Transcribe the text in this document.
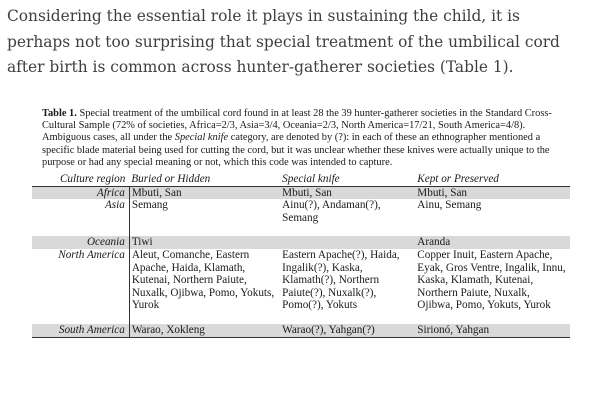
Considering the essential role it plays in sustaining the child, it is perhaps not too surprising that special treatment of the umbilical cord after birth is common across hunter-gatherer societies (Table 1).

Table 1. Special treatment of the umbilical cord found in at least 28 the 39 hunter-gatherer societies in the Standard Cross-Cultural Sample (72% of societies, Africa=2/3, Asia=3/4, Oceania=2/3, North America=17/21, South America=4/8). Ambiguous cases, all under the Special knife category, are denoted by (?): in each of these an ethnographer mentioned a specific blade material being used for cutting the cord, but it was unclear whether these knives were actually unique to the purpose or had any special meaning or not, which this code was intended to capture.

Culture region	Buried or Hidden	Special knife	Kept or Preserved
Africa	Mbuti, San	Mbuti, San	Mbuti, San
Asia	Semang	Ainu(?), Andaman(?), Semang	Ainu, Semang

Oceania	Tiwi		Aranda
North America	Aleut, Comanche, Eastern Apache, Haida, Klamath, Kutenai, Northern Paiute, Nuxalk, Ojibwa, Pomo, Yokuts, Yurok	Eastern Apache(?), Haida, Ingalik(?), Kaska, Klamath(?), Northern Paiute(?), Nuxalk(?), Pomo(?), Yokuts	Copper Inuit, Eastern Apache, Eyak, Gros Ventre, Ingalik, Innu, Kaska, Klamath, Kutenai, Northern Paiute, Nuxalk, Ojibwa, Pomo, Yokuts, Yurok

South America	Warao, Xokleng	Warao(?), Yahgan(?)	Sirionó, Yahgan
